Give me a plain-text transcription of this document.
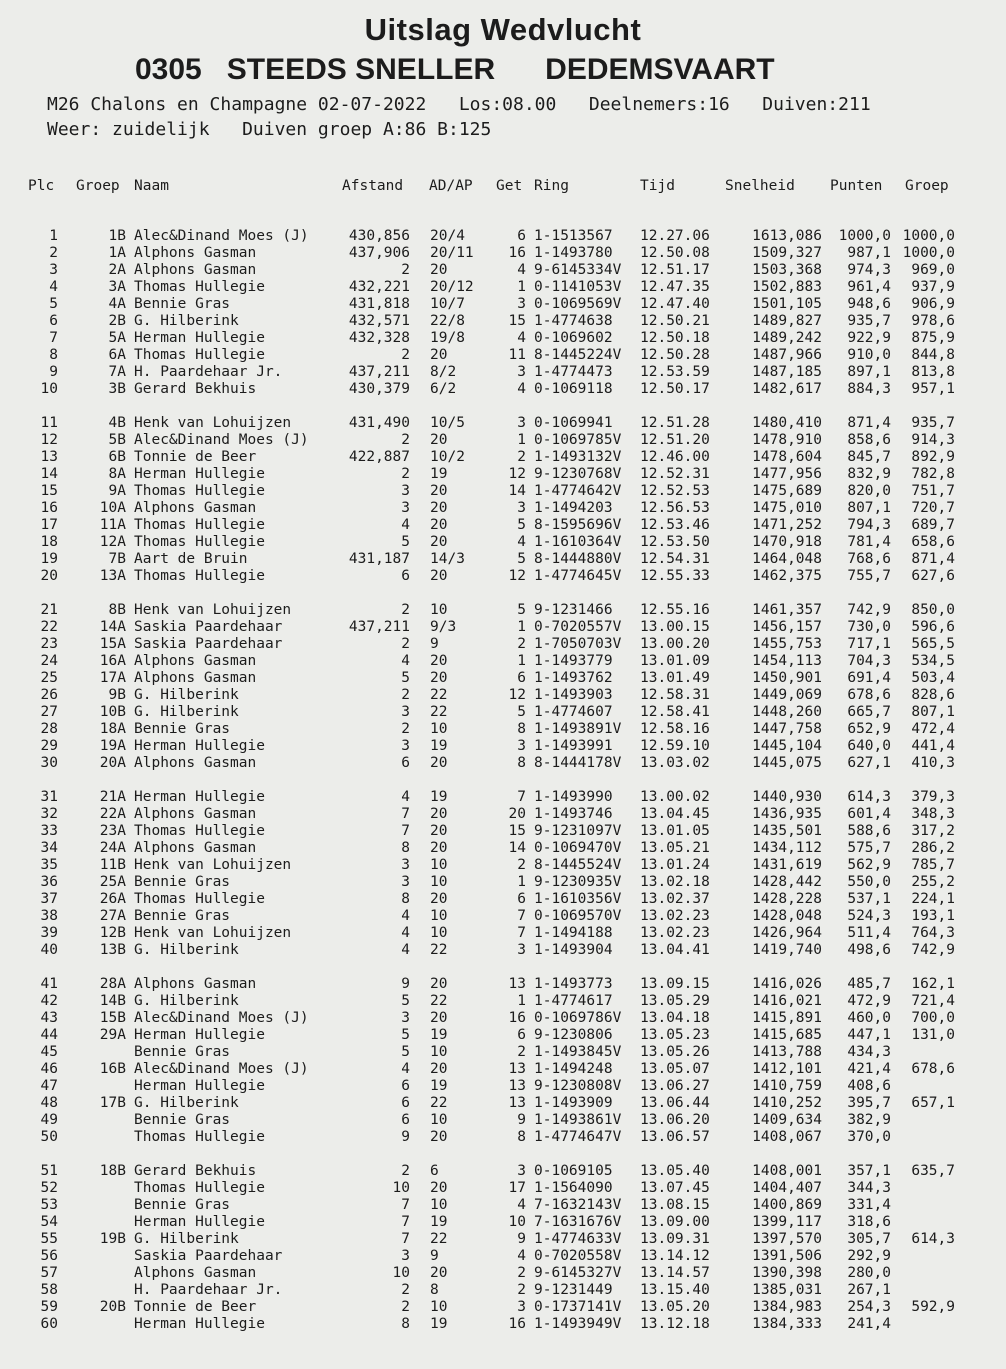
Uitslag Wedvlucht
0305 STEEDS SNELLER DEDEMSVAART
M26 Chalons en Champagne 02-07-2022 Los:08.00 Deelnemers:16 Duiven:211
Weer: zuidelijk Duiven groep A:86 B:125
Plc Groep Naam	Afstand AD/AP Get Ring	Tijd	Snelheid Punten Groep
1	1B Alec&Dinand Moes (J)	430,856 20/4	6 1-1513567 12.27.06	1613,086 1000,0 1000,0
2	1A Alphons Gasman	437,906 20/11 16 1-1493780 12.50.08	1509,327 987,1 1000,0
3	2A Alphons Gasman	2 20	4 9-6145334V 12.51.17	1503,368 974,3 969,0
4	3A Thomas Hullegie	432,221 20/12	1 0-1141053V 12.47.35	1502,883 961,4 937,9
5	4A Bennie Gras	431,818 10/7	3 0-1069569V 12.47.40	1501,105 948,6 906,9
6	2B G. Hilberink	432,571 22/8	15 1-4774638 12.50.21	1489,827 935,7 978,6
7	5A Herman Hullegie	432,328 19/8	4 0-1069602 12.50.18	1489,242 922,9 875,9
8	6A Thomas Hullegie	2 20	11 8-1445224V 12.50.28	1487,966 910,0 844,8
9	7A H. Paardehaar Jr.	437,211 8/2	3 1-4774473 12.53.59	1487,185 897,1 813,8
10	3B Gerard Bekhuis	430,379 6/2	4 0-1069118 12.50.17	1482,617 884,3 957,1
11	4B Henk van Lohuijzen	431,490 10/5	3 0-1069941 12.51.28	1480,410 871,4 935,7
12	5B Alec&Dinand Moes (J)	2 20	1 0-1069785V 12.51.20	1478,910 858,6 914,3
13	6B Tonnie de Beer	422,887 10/2	2 1-1493132V 12.46.00	1478,604 845,7 892,9
14	8A Herman Hullegie	2 19	12 9-1230768V 12.52.31	1477,956 832,9 782,8
15	9A Thomas Hullegie	3 20	14 1-4774642V 12.52.53	1475,689 820,0 751,7
16	10A Alphons Gasman	3 20	3 1-1494203 12.56.53	1475,010 807,1 720,7
17	11A Thomas Hullegie	4 20	5 8-1595696V 12.53.46	1471,252 794,3 689,7
18	12A Thomas Hullegie	5 20	4 1-1610364V 12.53.50	1470,918 781,4 658,6
19	7B Aart de Bruin	431,187 14/3	5 8-1444880V 12.54.31	1464,048 768,6 871,4
20	13A Thomas Hullegie	6 20	12 1-4774645V 12.55.33	1462,375 755,7 627,6
21	8B Henk van Lohuijzen	2 10	5 9-1231466 12.55.16	1461,357 742,9 850,0
22	14A Saskia Paardehaar	437,211 9/3	1 0-7020557V 13.00.15	1456,157 730,0 596,6
23	15A Saskia Paardehaar	2 9	2 1-7050703V 13.00.20	1455,753 717,1 565,5
24	16A Alphons Gasman	4 20	1 1-1493779 13.01.09	1454,113 704,3 534,5
25	17A Alphons Gasman	5 20	6 1-1493762 13.01.49	1450,901 691,4 503,4
26	9B G. Hilberink	2 22	12 1-1493903 12.58.31	1449,069 678,6 828,6
27	10B G. Hilberink	3 22	5 1-4774607 12.58.41	1448,260 665,7 807,1
28	18A Bennie Gras	2 10	8 1-1493891V 12.58.16	1447,758 652,9 472,4
29	19A Herman Hullegie	3 19	3 1-1493991 12.59.10	1445,104 640,0 441,4
30	20A Alphons Gasman	6 20	8 8-1444178V 13.03.02	1445,075 627,1 410,3
31	21A Herman Hullegie	4 19	7 1-1493990 13.00.02	1440,930 614,3 379,3
32	22A Alphons Gasman	7 20	20 1-1493746 13.04.45	1436,935 601,4 348,3
33	23A Thomas Hullegie	7 20	15 9-1231097V 13.01.05	1435,501 588,6 317,2
34	24A Alphons Gasman	8 20	14 0-1069470V 13.05.21	1434,112 575,7 286,2
35	11B Henk van Lohuijzen	3 10	2 8-1445524V 13.01.24	1431,619 562,9 785,7
36	25A Bennie Gras	3 10	1 9-1230935V 13.02.18	1428,442 550,0 255,2
37	26A Thomas Hullegie	8 20	6 1-1610356V 13.02.37	1428,228 537,1 224,1
38	27A Bennie Gras	4 10	7 0-1069570V 13.02.23	1428,048 524,3 193,1
39	12B Henk van Lohuijzen	4 10	7 1-1494188 13.02.23	1426,964 511,4 764,3
40	13B G. Hilberink	4 22	3 1-1493904 13.04.41	1419,740 498,6 742,9
41	28A Alphons Gasman	9 20	13 1-1493773 13.09.15	1416,026 485,7 162,1
42	14B G. Hilberink	5 22	1 1-4774617 13.05.29	1416,021 472,9 721,4
43	15B Alec&Dinand Moes (J)	3 20	16 0-1069786V 13.04.18	1415,891 460,0 700,0
44	29A Herman Hullegie	5 19	6 9-1230806 13.05.23	1415,685 447,1 131,0
45	Bennie Gras	5 10	2 1-1493845V 13.05.26	1413,788 434,3
46	16B Alec&Dinand Moes (J)	4 20	13 1-1494248 13.05.07	1412,101 421,4 678,6
47	Herman Hullegie	6 19	13 9-1230808V 13.06.27	1410,759 408,6
48	17B G. Hilberink	6 22	13 1-1493909 13.06.44	1410,252 395,7 657,1
49	Bennie Gras	6 10	9 1-1493861V 13.06.20	1409,634 382,9
50	Thomas Hullegie	9 20	8 1-4774647V 13.06.57	1408,067 370,0
51	18B Gerard Bekhuis	2 6	3 0-1069105 13.05.40	1408,001 357,1 635,7
52	Thomas Hullegie	10 20	17 1-1564090 13.07.45	1404,407 344,3
53	Bennie Gras	7 10	4 7-1632143V 13.08.15	1400,869 331,4
54	Herman Hullegie	7 19	10 7-1631676V 13.09.00	1399,117 318,6
55	19B G. Hilberink	7 22	9 1-4774633V 13.09.31	1397,570 305,7 614,3
56	Saskia Paardehaar	3 9	4 0-7020558V 13.14.12	1391,506 292,9
57	Alphons Gasman	10 20	2 9-6145327V 13.14.57	1390,398 280,0
58	H. Paardehaar Jr.	2 8	2 9-1231449 13.15.40	1385,031 267,1
59	20B Tonnie de Beer	2 10	3 0-1737141V 13.05.20	1384,983 254,3 592,9
60	Herman Hullegie	8 19	16 1-1493949V 13.12.18	1384,333 241,4
